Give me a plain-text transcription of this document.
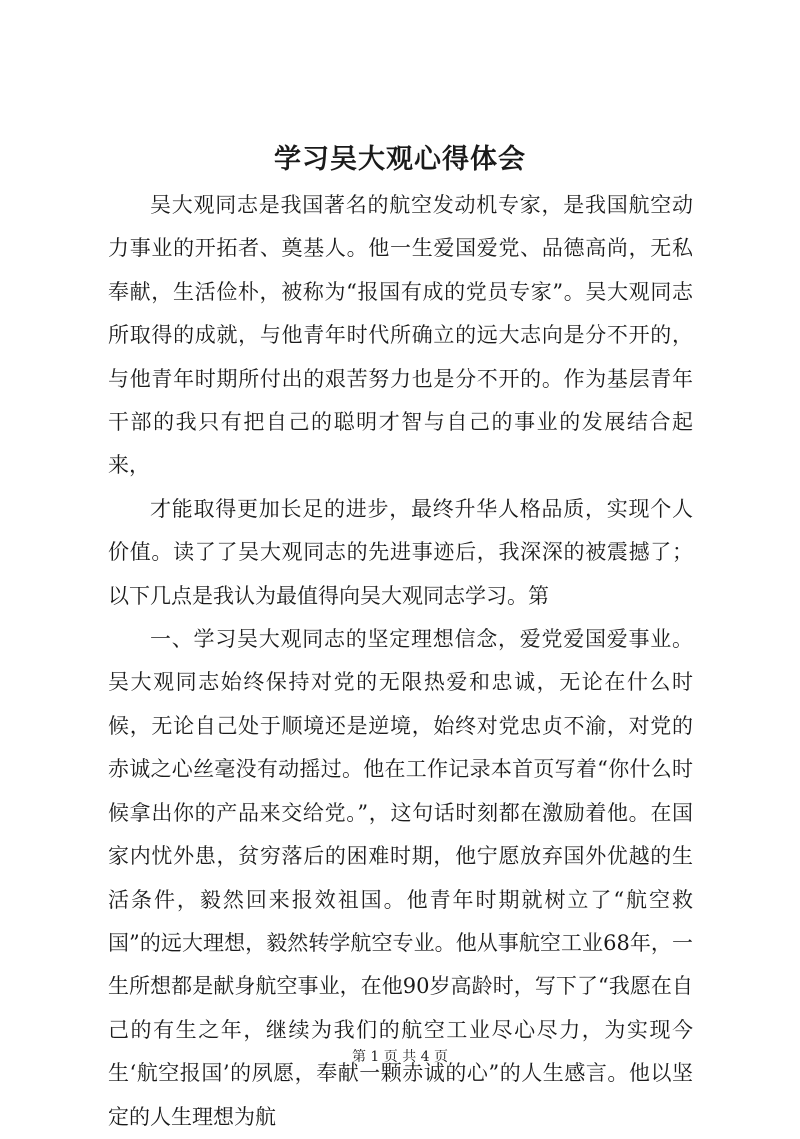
学习吴大观心得体会

吴大观同志是我国著名的航空发动机专家，是我国航空动力事业的开拓者、奠基人。他一生爱国爱党、品德高尚，无私奉献，生活俭朴，被称为“报国有成的党员专家”。吴大观同志所取得的成就，与他青年时代所确立的远大志向是分不开的，与他青年时期所付出的艰苦努力也是分不开的。作为基层青年干部的我只有把自己的聪明才智与自己的事业的发展结合起来，

才能取得更加长足的进步，最终升华人格品质，实现个人价值。读了了吴大观同志的先进事迹后，我深深的被震撼了；以下几点是我认为最值得向吴大观同志学习。第

一、学习吴大观同志的坚定理想信念，爱党爱国爱事业。吴大观同志始终保持对党的无限热爱和忠诚，无论在什么时候，无论自己处于顺境还是逆境，始终对党忠贞不渝，对党的赤诚之心丝毫没有动摇过。他在工作记录本首页写着“你什么时候拿出你的产品来交给党。”，这句话时刻都在激励着他。在国家内忧外患，贫穷落后的困难时期，他宁愿放弃国外优越的生活条件，毅然回来报效祖国。他青年时期就树立了“航空救国”的远大理想，毅然转学航空专业。他从事航空工业68年，一生所想都是献身航空事业，在他90岁高龄时，写下了“我愿在自己的有生之年，继续为我们的航空工业尽心尽力，为实现今生‘航空报国’的夙愿，奉献一颗赤诚的心”的人生感言。他以坚定的人生理想为航

第 1 页 共 4 页
